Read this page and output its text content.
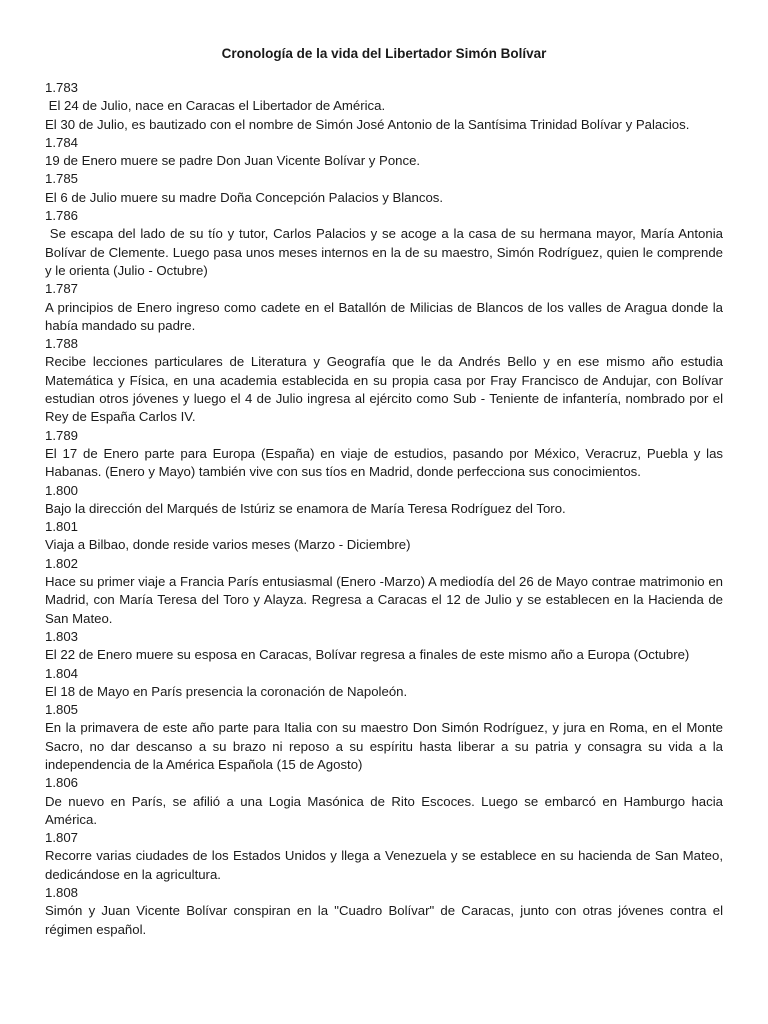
Cronología de la vida del Libertador Simón Bolívar
1.783
El 24 de Julio, nace en Caracas el Libertador de América.
El 30 de Julio, es bautizado con el nombre de Simón José Antonio de la Santísima Trinidad Bolívar y Palacios.
1.784
19 de Enero muere se padre Don Juan Vicente Bolívar y Ponce.
1.785
El 6 de Julio muere su madre Doña Concepción Palacios y Blancos.
1.786
Se escapa del lado de su tío y tutor, Carlos Palacios y se acoge a la casa de su hermana mayor, María Antonia Bolívar de Clemente. Luego pasa unos meses internos en la de su maestro, Simón Rodríguez, quien le comprende y le orienta (Julio - Octubre)
1.787
A principios de Enero ingreso como cadete en el Batallón de Milicias de Blancos de los valles de Aragua donde la había mandado su padre.
1.788
Recibe lecciones particulares de Literatura y Geografía que le da Andrés Bello y en ese mismo año estudia Matemática y Física, en una academia establecida en su propia casa por Fray Francisco de Andujar, con Bolívar estudian otros jóvenes y luego el 4 de Julio ingresa al ejército como Sub - Teniente de infantería, nombrado por el Rey de España Carlos IV.
1.789
El 17 de Enero parte para Europa (España) en viaje de estudios, pasando por México, Veracruz, Puebla y las Habanas. (Enero y Mayo) también vive con sus tíos en Madrid, donde perfecciona sus conocimientos.
1.800
Bajo la dirección del Marqués de Istúriz se enamora de María Teresa Rodríguez del Toro.
1.801
Viaja a Bilbao, donde reside varios meses (Marzo - Diciembre)
1.802
Hace su primer viaje a Francia París entusiasmal (Enero -Marzo) A mediodía del 26 de Mayo contrae matrimonio en Madrid, con María Teresa del Toro y Alayza. Regresa a Caracas el 12 de Julio y se establecen en la Hacienda de San Mateo.
1.803
El 22 de Enero muere su esposa en Caracas, Bolívar regresa a finales de este mismo año a Europa (Octubre)
1.804
El 18 de Mayo en París presencia la coronación de Napoleón.
1.805
En la primavera de este año parte para Italia con su maestro Don Simón Rodríguez, y jura en Roma, en el Monte Sacro, no dar descanso a su brazo ni reposo a su espíritu hasta liberar a su patria y consagra su vida a la independencia de la América Española (15 de Agosto)
1.806
De nuevo en París, se afilió a una Logia Masónica de Rito Escoces. Luego se embarcó en Hamburgo hacia América.
1.807
Recorre varias ciudades de los Estados Unidos y llega a Venezuela y se establece en su hacienda de San Mateo, dedicándose en la agricultura.
1.808
Simón y Juan Vicente Bolívar conspiran en la "Cuadro Bolívar" de Caracas, junto con otras jóvenes contra el régimen español.
